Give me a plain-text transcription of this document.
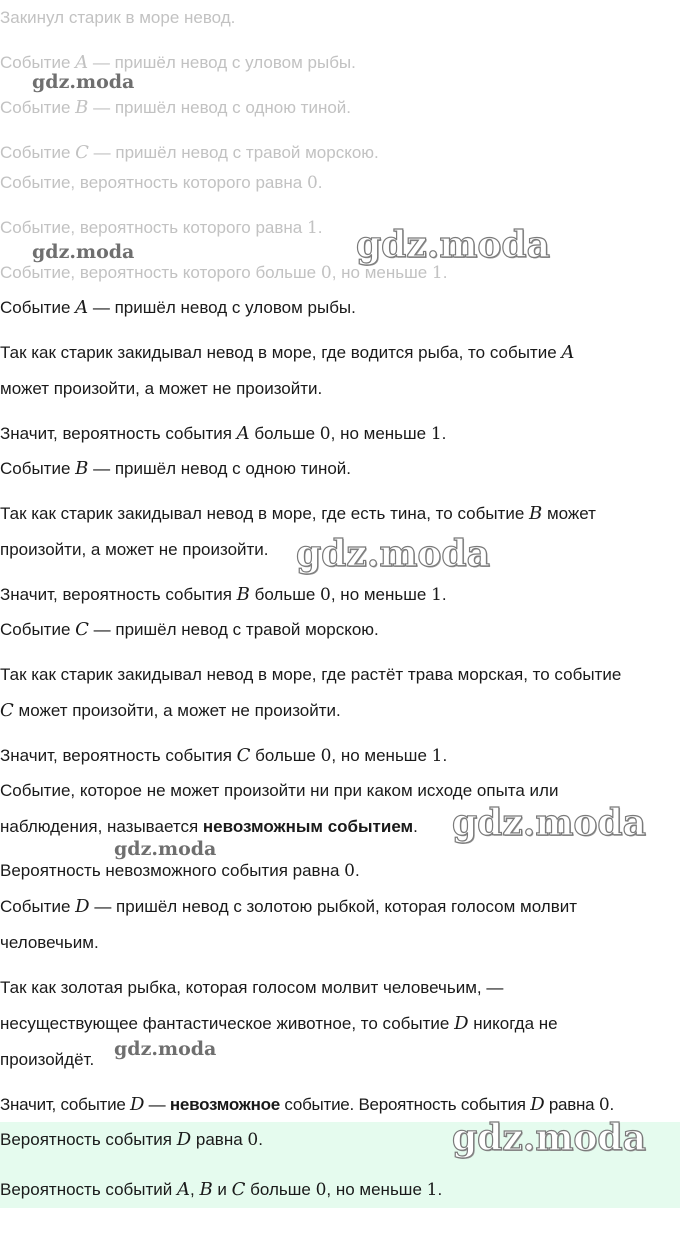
Закинул старик в море невод.
Событие A — пришёл невод с уловом рыбы.
Событие B — пришёл невод с одною тиной.
Событие C — пришёл невод с травой морскою.
Событие, вероятность которого равна 0.
Событие, вероятность которого равна 1.
Событие, вероятность которого больше 0, но меньше 1.
Событие A — пришёл невод с уловом рыбы.
Так как старик закидывал невод в море, где водится рыба, то событие A
может произойти, а может не произойти.
Значит, вероятность события A больше 0, но меньше 1.
Событие B — пришёл невод с одною тиной.
Так как старик закидывал невод в море, где есть тина, то событие B может
произойти, а может не произойти.
Значит, вероятность события B больше 0, но меньше 1.
Событие C — пришёл невод с травой морскою.
Так как старик закидывал невод в море, где растёт трава морская, то событие
C может произойти, а может не произойти.
Значит, вероятность события C больше 0, но меньше 1.
Событие, которое не может произойти ни при каком исходе опыта или
наблюдения, называется невозможным событием.
Вероятность невозможного события равна 0.
Событие D — пришёл невод с золотою рыбкой, которая голосом молвит
человечьим.
Так как золотая рыбка, которая голосом молвит человечьим, —
несуществующее фантастическое животное, то событие D никогда не
произойдёт.
Значит, событие D — невозможное событие. Вероятность события D равна 0.
Вероятность события D равна 0.
Вероятность событий A, B и C больше 0, но меньше 1.
gdz.moda
gdz.moda	gdz.moda
gdz.moda
gdz.moda
gdz.moda
gdz.moda
gdz.moda
